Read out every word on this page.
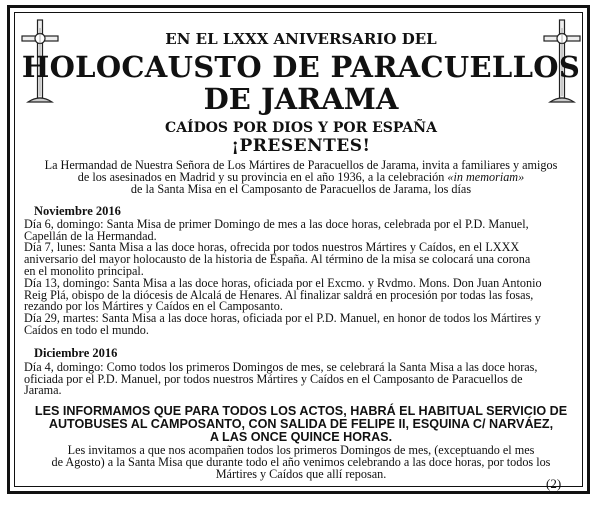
EN EL LXXX ANIVERSARIO DEL
HOLOCAUSTO DE PARACUELLOS
DE JARAMA
CAÍDOS POR DIOS Y POR ESPAÑA
¡PRESENTES!
La Hermandad de Nuestra Señora de Los Mártires de Paracuellos de Jarama, invita a familiares y amigos
de los asesinados en Madrid y su provincia en el año 1936, a la celebración «in memoriam»
de la Santa Misa en el Camposanto de Paracuellos de Jarama, los días
Noviembre 2016
Día 6, domingo: Santa Misa de primer Domingo de mes a las doce horas, celebrada por el P.D. Manuel,
Capellán de la Hermandad.
Día 7, lunes: Santa Misa a las doce horas, ofrecida por todos nuestros Mártires y Caídos, en el LXXX
aniversario del mayor holocausto de la historia de España. Al término de la misa se colocará una corona
en el monolito principal.
Día 13, domingo: Santa Misa a las doce horas, oficiada por el Excmo. y Rvdmo. Mons. Don Juan Antonio
Reig Plá, obispo de la diócesis de Alcalá de Henares. Al finalizar saldrá en procesión por todas las fosas,
rezando por los Mártires y Caídos en el Camposanto.
Día 29, martes: Santa Misa a las doce horas, oficiada por el P.D. Manuel, en honor de todos los Mártires y
Caídos en todo el mundo.
Diciembre 2016
Día 4, domingo: Como todos los primeros Domingos de mes, se celebrará la Santa Misa a las doce horas,
oficiada por el P.D. Manuel, por todos nuestros Mártires y Caídos en el Camposanto de Paracuellos de
Jarama.
LES INFORMAMOS QUE PARA TODOS LOS ACTOS, HABRÁ EL HABITUAL SERVICIO DE
AUTOBUSES AL CAMPOSANTO, CON SALIDA DE FELIPE II, ESQUINA C/ NARVÁEZ,
A LAS ONCE QUINCE HORAS.
Les invitamos a que nos acompañen todos los primeros Domingos de mes, (exceptuando el mes
de Agosto) a la Santa Misa que durante todo el año venimos celebrando a las doce horas, por todos los
Mártires y Caídos que allí reposan.
(2)
